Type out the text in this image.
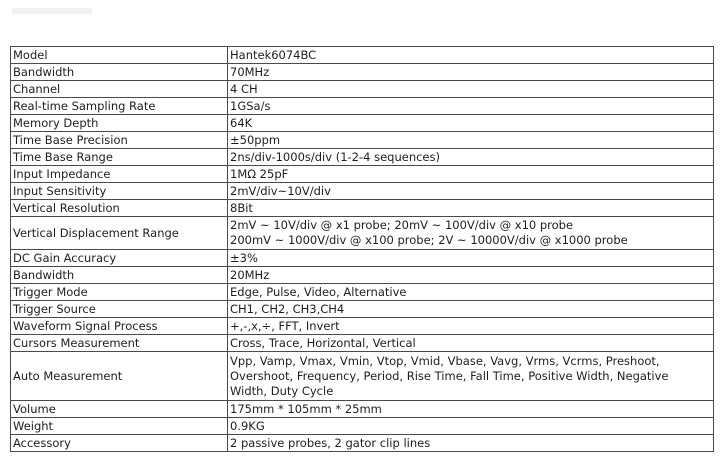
Model	Hantek6074BC

Bandwidth	70MHz

Channel	4 CH

Real-time Sampling Rate	1GSa/s

Memory Depth	64K

Time Base Precision	±50ppm

Time Base Range	2ns/div-1000s/div (1-2-4 sequences)

Input Impedance	1MΩ 25pF

Input Sensitivity	2mV/div~10V/div

Vertical Resolution	8Bit

Vertical Displacement Range	2mV ~ 10V/div @ x1 probe; 20mV ~ 100V/div @ x10 probe
200mV ~ 1000V/div @ x100 probe; 2V ~ 10000V/div @ x1000 probe

DC Gain Accuracy	±3%

Bandwidth	20MHz

Trigger Mode	Edge, Pulse, Video, Alternative

Trigger Source	CH1, CH2, CH3,CH4

Waveform Signal Process	+,-,x,÷, FFT, Invert

Cursors Measurement	Cross, Trace, Horizontal, Vertical

Auto Measurement	Vpp, Vamp, Vmax, Vmin, Vtop, Vmid, Vbase, Vavg, Vrms, Vcrms, Preshoot,
Overshoot, Frequency, Period, Rise Time, Fall Time, Positive Width, Negative
Width, Duty Cycle

Volume	175mm * 105mm * 25mm

Weight	0.9KG

Accessory	2 passive probes, 2 gator clip lines
